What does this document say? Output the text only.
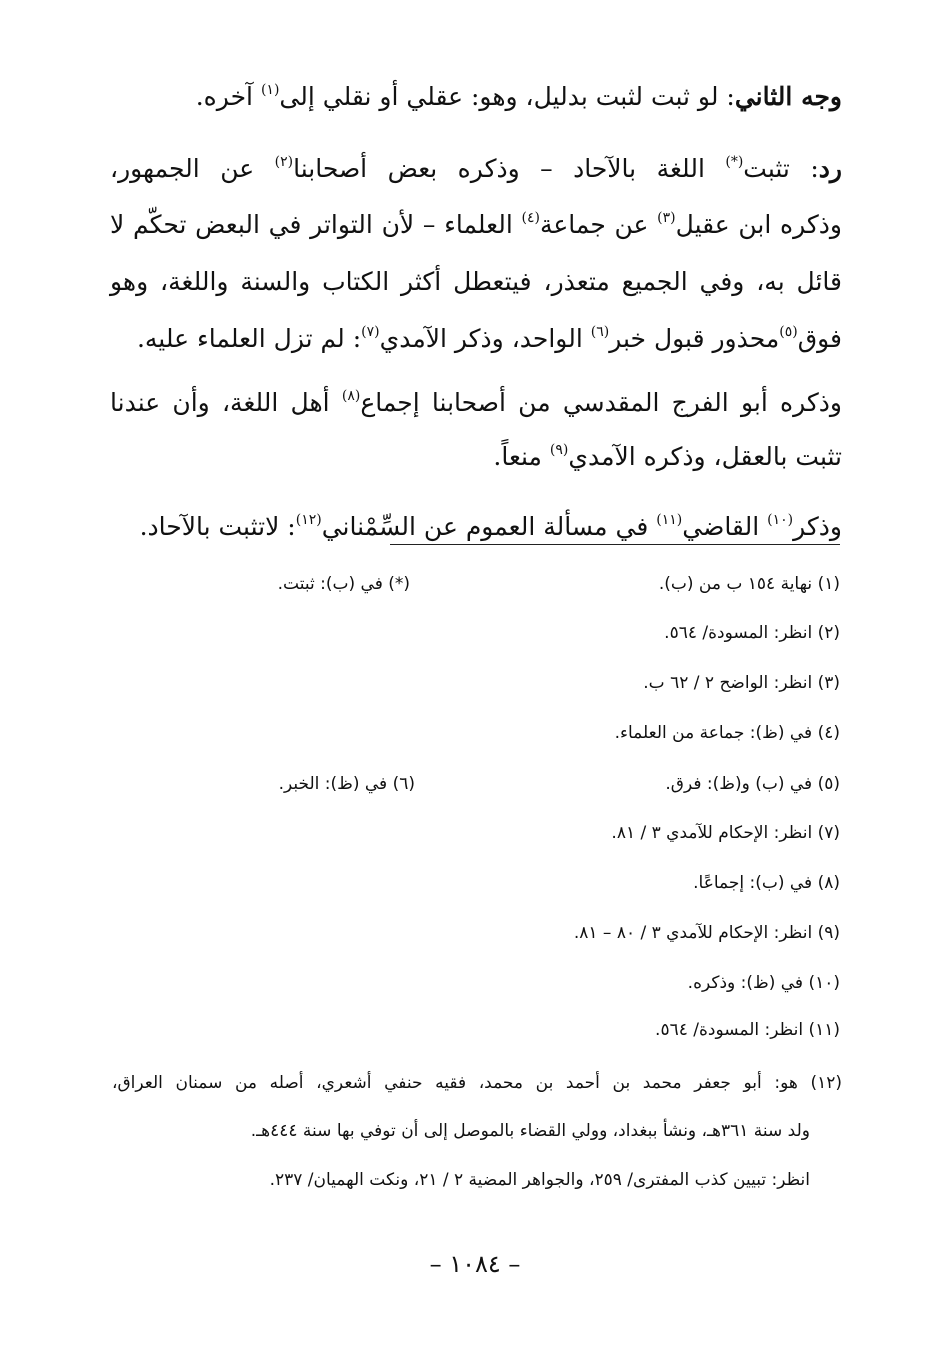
وجه الثاني: لو ثبت لثبت بدليل، وهو: عقلي أو نقلي إلى$^{(١)}$ آخره.
رد: تثبت(*) اللغة بالآحاد – وذكره بعض أصحابنا$^{(٢)}$ عن الجمهور،
وذكره ابن عقيل$^{(٣)}$ عن جماعة$^{(٤)}$ العلماء – لأن التواتر في البعض تحكّم لا
قائل به، وفي الجميع متعذر، فيتعطل أكثر الكتاب والسنة واللغة، وهو
فوق$^{(٥)}$محذور قبول خبر$^{(٦)}$ الواحد، وذكر الآمدي$^{(٧)}$: لم تزل العلماء عليه.
وذكره أبو الفرج المقدسي من أصحابنا إجماع$^{(٨)}$ أهل اللغة، وأن عندنا
تثبت بالعقل، وذكره الآمدي$^{(٩)}$ منعاً.
وذكر$^{(١٠)}$ القاضي$^{(١١)}$ في مسألة العموم عن السِّمْناني$^{(١٢)}$: لاتثبت بالآحاد.
(١) نهاية ١٥٤ ب من (ب).
(*) في (ب): ثبتت.
(٢) انظر: المسودة/ ٥٦٤.
(٣) انظر: الواضح ٢ / ٦٢ ب.
(٤) في (ظ): جماعة من العلماء.
(٥) في (ب) و(ظ): فرق.
(٦) في (ظ): الخبر.
(٧) انظر: الإحكام للآمدي ٣ / ٨١.
(٨) في (ب): إجماعًا.
(٩) انظر: الإحكام للآمدي ٣ / ٨٠ – ٨١.
(١٠) في (ظ): وذكره.
(١١) انظر: المسودة/ ٥٦٤.
(١٢) هو: أبو جعفر محمد بن أحمد بن محمد، فقيه حنفي أشعري، أصله من سمنان العراق،
ولد سنة ٣٦١هـ، ونشأ ببغداد، وولي القضاء بالموصل إلى أن توفي بها سنة ٤٤٤هـ.
انظر: تبيين كذب المفترى/ ٢٥٩، والجواهر المضية ٢ / ٢١، ونكت الهميان/ ٢٣٧.
– ١٠٨٤ –
